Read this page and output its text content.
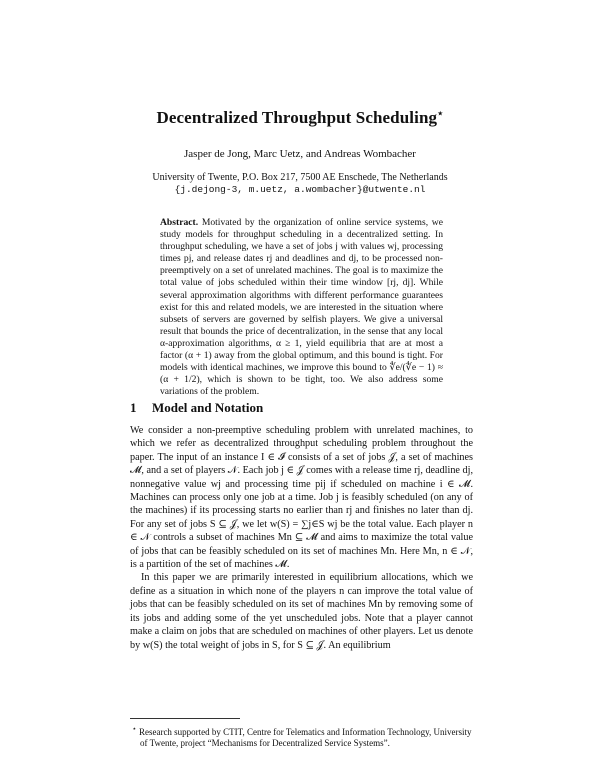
Decentralized Throughput Scheduling⋆
Jasper de Jong, Marc Uetz, and Andreas Wombacher
University of Twente, P.O. Box 217, 7500 AE Enschede, The Netherlands
{j.dejong-3, m.uetz, a.wombacher}@utwente.nl
Abstract. Motivated by the organization of online service systems, we study models for throughput scheduling in a decentralized setting. In throughput scheduling, we have a set of jobs j with values wj, processing times pj, and release dates rj and deadlines and dj, to be processed non-preemptively on a set of unrelated machines. The goal is to maximize the total value of jobs scheduled within their time window [rj, dj]. While several approximation algorithms with different performance guarantees exist for this and related models, we are interested in the situation where subsets of servers are governed by selfish players. We give a universal result that bounds the price of decentralization, in the sense that any local α-approximation algorithms, α ≥ 1, yield equilibria that are at most a factor (α + 1) away from the global optimum, and this bound is tight. For models with identical machines, we improve this bound to ∜e/(∜e − 1) ≈ (α + 1/2), which is shown to be tight, too. We also address some variations of the problem.
1 Model and Notation

We consider a non-preemptive scheduling problem with unrelated machines, to which we refer as decentralized throughput scheduling problem throughout the paper. The input of an instance I ∈ 𝓘 consists of a set of jobs 𝒥, a set of machines 𝓜, and a set of players 𝒩. Each job j ∈ 𝒥 comes with a release time rj, deadline dj, nonnegative value wj and processing time pij if scheduled on machine i ∈ 𝓜. Machines can process only one job at a time. Job j is feasibly scheduled (on any of the machines) if its processing starts no earlier than rj and finishes no later than dj. For any set of jobs S ⊆ 𝒥, we let w(S) = ∑j∈S wj be the total value. Each player n ∈ 𝒩 controls a subset of machines Mn ⊆ 𝓜 and aims to maximize the total value of jobs that can be feasibly scheduled on its set of machines Mn. Here Mn, n ∈ 𝒩, is a partition of the set of machines 𝓜.

In this paper we are primarily interested in equilibrium allocations, which we define as a situation in which none of the players n can improve the total value of jobs that can be feasibly scheduled on its set of machines Mn by removing some of its jobs and adding some of the yet unscheduled jobs. Note that a player cannot make a claim on jobs that are scheduled on machines of other players. Let us denote by w(S) the total weight of jobs in S, for S ⊆ 𝒥. An equilibrium

⋆ Research supported by CTIT, Centre for Telematics and Information Technology, University of Twente, project “Mechanisms for Decentralized Service Systems”.
